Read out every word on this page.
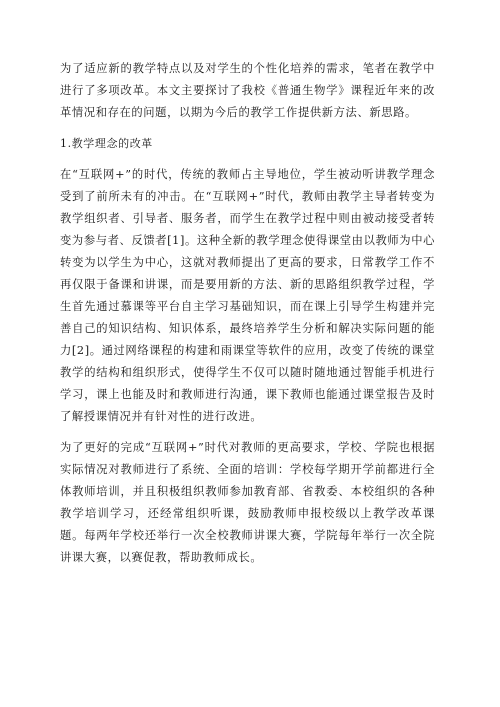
为了适应新的教学特点以及对学生的个性化培养的需求，笔者在教学中进行了多项改革。本文主要探讨了我校《普通生物学》课程近年来的改革情况和存在的问题，以期为今后的教学工作提供新方法、新思路。

1.教学理念的改革

在“互联网+”的时代，传统的教师占主导地位，学生被动听讲教学理念受到了前所未有的冲击。在“互联网+”时代，教师由教学主导者转变为教学组织者、引导者、服务者，而学生在教学过程中则由被动接受者转变为参与者、反馈者[1]。这种全新的教学理念使得课堂由以教师为中心转变为以学生为中心，这就对教师提出了更高的要求，日常教学工作不再仅限于备课和讲课，而是要用新的方法、新的思路组织教学过程，学生首先通过慕课等平台自主学习基础知识，而在课上引导学生构建并完善自己的知识结构、知识体系，最终培养学生分析和解决实际问题的能力[2]。通过网络课程的构建和雨课堂等软件的应用，改变了传统的课堂教学的结构和组织形式，使得学生不仅可以随时随地通过智能手机进行学习，课上也能及时和教师进行沟通，课下教师也能通过课堂报告及时了解授课情况并有针对性的进行改进。

为了更好的完成“互联网+”时代对教师的更高要求，学校、学院也根据实际情况对教师进行了系统、全面的培训：学校每学期开学前都进行全体教师培训，并且积极组织教师参加教育部、省教委、本校组织的各种教学培训学习，还经常组织听课，鼓励教师申报校级以上教学改革课题。每两年学校还举行一次全校教师讲课大赛，学院每年举行一次全院讲课大赛，以赛促教，帮助教师成长。
